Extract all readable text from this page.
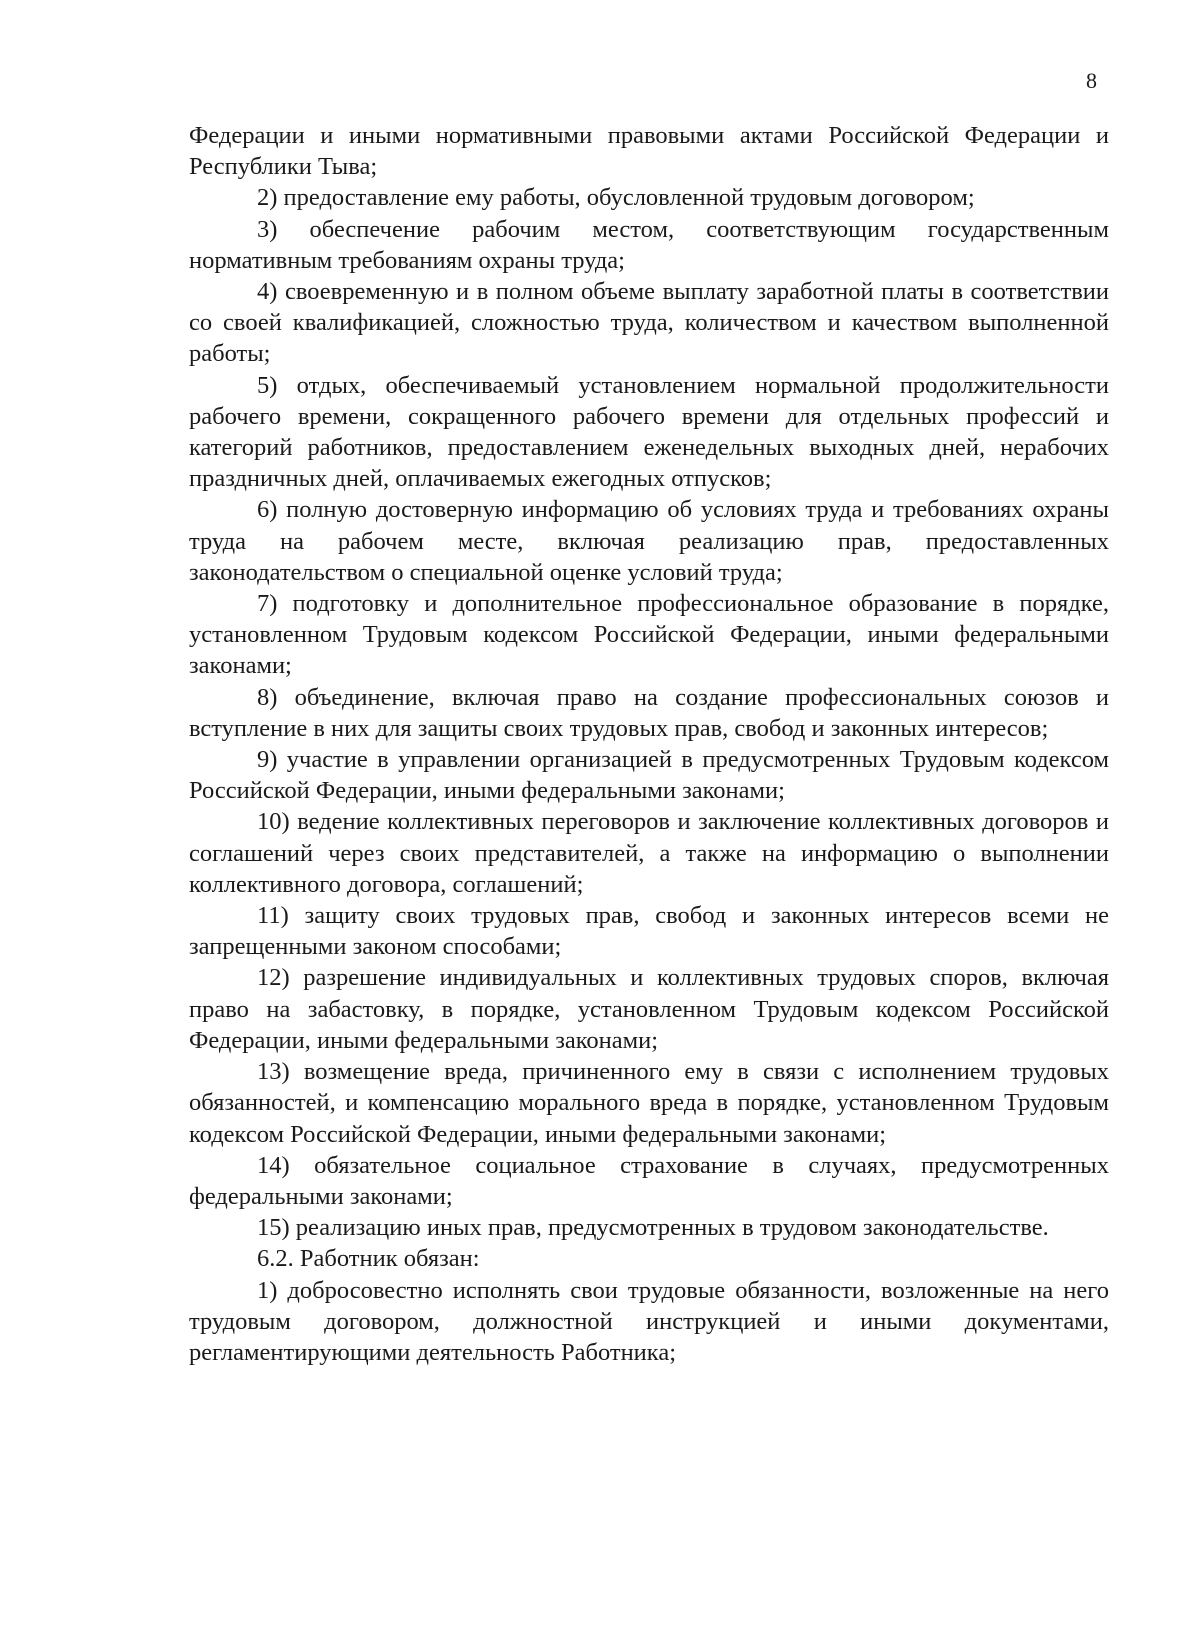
8

Федерации и иными нормативными правовыми актами Российской Федерации и Республики Тыва;

2) предоставление ему работы, обусловленной трудовым договором;

3) обеспечение рабочим местом, соответствующим государственным нормативным требованиям охраны труда;

4) своевременную и в полном объеме выплату заработной платы в соответствии со своей квалификацией, сложностью труда, количеством и качеством выполненной работы;

5) отдых, обеспечиваемый установлением нормальной продолжительности рабочего времени, сокращенного рабочего времени для отдельных профессий и категорий работников, предоставлением еженедельных выходных дней, нерабочих праздничных дней, оплачиваемых ежегодных отпусков;

6) полную достоверную информацию об условиях труда и требованиях охраны труда на рабочем месте, включая реализацию прав, предоставленных законодательством о специальной оценке условий труда;

7) подготовку и дополнительное профессиональное образование в порядке, установленном Трудовым кодексом Российской Федерации, иными федеральными законами;

8) объединение, включая право на создание профессиональных союзов и вступление в них для защиты своих трудовых прав, свобод и законных интересов;

9) участие в управлении организацией в предусмотренных Трудовым кодексом Российской Федерации, иными федеральными законами;

10) ведение коллективных переговоров и заключение коллективных договоров и соглашений через своих представителей, а также на информацию о выполнении коллективного договора, соглашений;

11) защиту своих трудовых прав, свобод и законных интересов всеми не запрещенными законом способами;

12) разрешение индивидуальных и коллективных трудовых споров, включая право на забастовку, в порядке, установленном Трудовым кодексом Российской Федерации, иными федеральными законами;

13) возмещение вреда, причиненного ему в связи с исполнением трудовых обязанностей, и компенсацию морального вреда в порядке, установленном Трудовым кодексом Российской Федерации, иными федеральными законами;

14) обязательное социальное страхование в случаях, предусмотренных федеральными законами;

15) реализацию иных прав, предусмотренных в трудовом законодательстве.

6.2. Работник обязан:

1) добросовестно исполнять свои трудовые обязанности, возложенные на него трудовым договором, должностной инструкцией и иными документами, регламентирующими деятельность Работника;
